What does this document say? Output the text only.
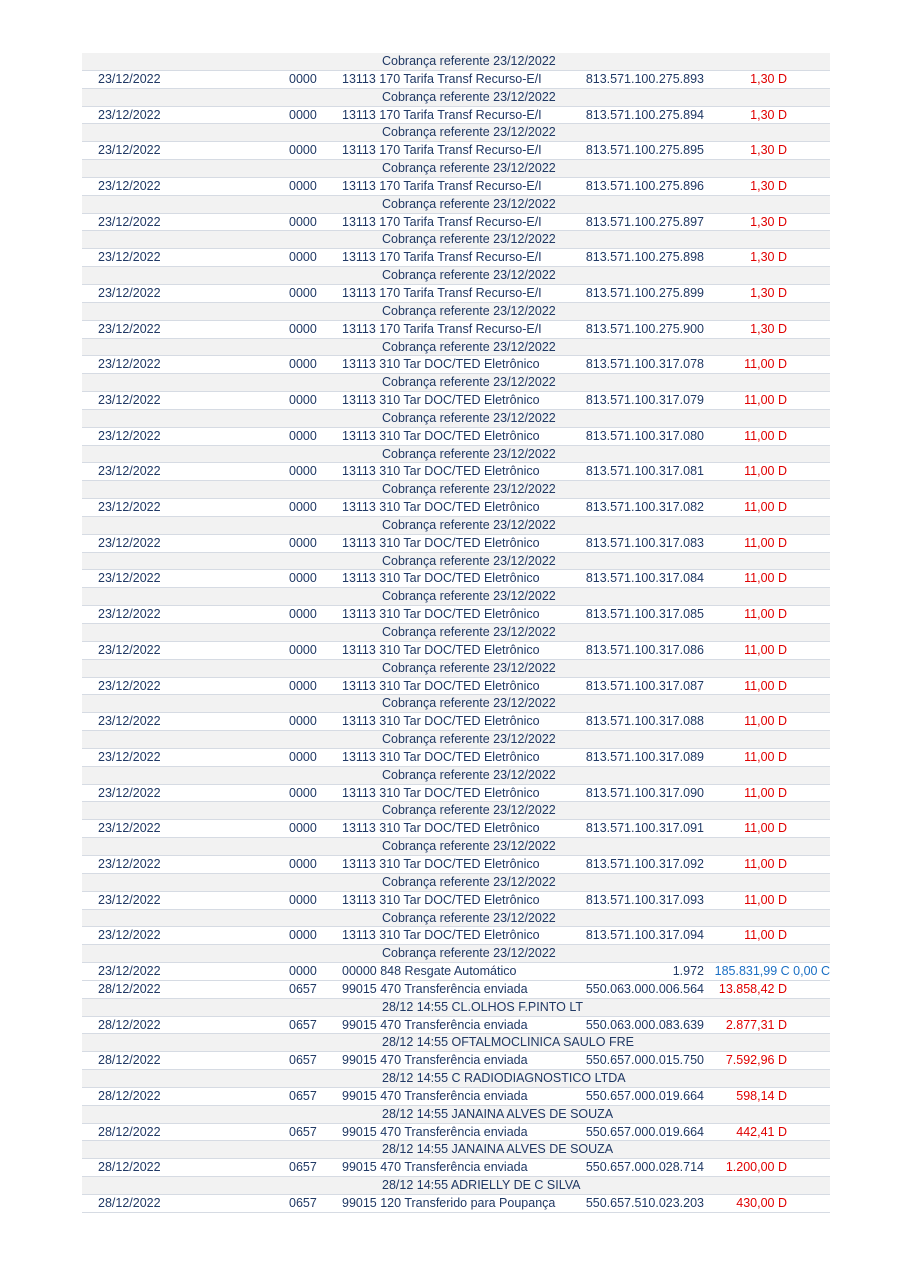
Cobrança referente 23/12/2022
23/12/2022	0000 13113 170 Tarifa Transf Recurso-E/I	813.571.100.275.893	1,30 D
Cobrança referente 23/12/2022
23/12/2022	0000 13113 170 Tarifa Transf Recurso-E/I	813.571.100.275.894	1,30 D
Cobrança referente 23/12/2022
23/12/2022	0000 13113 170 Tarifa Transf Recurso-E/I	813.571.100.275.895	1,30 D
Cobrança referente 23/12/2022
23/12/2022	0000 13113 170 Tarifa Transf Recurso-E/I	813.571.100.275.896	1,30 D
Cobrança referente 23/12/2022
23/12/2022	0000 13113 170 Tarifa Transf Recurso-E/I	813.571.100.275.897	1,30 D
Cobrança referente 23/12/2022
23/12/2022	0000 13113 170 Tarifa Transf Recurso-E/I	813.571.100.275.898	1,30 D
Cobrança referente 23/12/2022
23/12/2022	0000 13113 170 Tarifa Transf Recurso-E/I	813.571.100.275.899	1,30 D
Cobrança referente 23/12/2022
23/12/2022	0000 13113 170 Tarifa Transf Recurso-E/I	813.571.100.275.900	1,30 D
Cobrança referente 23/12/2022
23/12/2022	0000 13113 310 Tar DOC/TED Eletrônico	813.571.100.317.078	11,00 D
Cobrança referente 23/12/2022
23/12/2022	0000 13113 310 Tar DOC/TED Eletrônico	813.571.100.317.079	11,00 D
Cobrança referente 23/12/2022
23/12/2022	0000 13113 310 Tar DOC/TED Eletrônico	813.571.100.317.080	11,00 D
Cobrança referente 23/12/2022
23/12/2022	0000 13113 310 Tar DOC/TED Eletrônico	813.571.100.317.081	11,00 D
Cobrança referente 23/12/2022
23/12/2022	0000 13113 310 Tar DOC/TED Eletrônico	813.571.100.317.082	11,00 D
Cobrança referente 23/12/2022
23/12/2022	0000 13113 310 Tar DOC/TED Eletrônico	813.571.100.317.083	11,00 D
Cobrança referente 23/12/2022
23/12/2022	0000 13113 310 Tar DOC/TED Eletrônico	813.571.100.317.084	11,00 D
Cobrança referente 23/12/2022
23/12/2022	0000 13113 310 Tar DOC/TED Eletrônico	813.571.100.317.085	11,00 D
Cobrança referente 23/12/2022
23/12/2022	0000 13113 310 Tar DOC/TED Eletrônico	813.571.100.317.086	11,00 D
Cobrança referente 23/12/2022
23/12/2022	0000 13113 310 Tar DOC/TED Eletrônico	813.571.100.317.087	11,00 D
Cobrança referente 23/12/2022
23/12/2022	0000 13113 310 Tar DOC/TED Eletrônico	813.571.100.317.088	11,00 D
Cobrança referente 23/12/2022
23/12/2022	0000 13113 310 Tar DOC/TED Eletrônico	813.571.100.317.089	11,00 D
Cobrança referente 23/12/2022
23/12/2022	0000 13113 310 Tar DOC/TED Eletrônico	813.571.100.317.090	11,00 D
Cobrança referente 23/12/2022
23/12/2022	0000 13113 310 Tar DOC/TED Eletrônico	813.571.100.317.091	11,00 D
Cobrança referente 23/12/2022
23/12/2022	0000 13113 310 Tar DOC/TED Eletrônico	813.571.100.317.092	11,00 D
Cobrança referente 23/12/2022
23/12/2022	0000 13113 310 Tar DOC/TED Eletrônico	813.571.100.317.093	11,00 D
Cobrança referente 23/12/2022
23/12/2022	0000 13113 310 Tar DOC/TED Eletrônico	813.571.100.317.094	11,00 D
Cobrança referente 23/12/2022
23/12/2022	0000 00000 848 Resgate Automático	1.972 185.831,99 C 0,00 C
28/12/2022	0657 99015 470 Transferência enviada	550.063.000.006.564 13.858,42 D
28/12 14:55 CL.OLHOS F.PINTO LT
28/12/2022	0657 99015 470 Transferência enviada	550.063.000.083.639 2.877,31 D
28/12 14:55 OFTALMOCLINICA SAULO FRE
28/12/2022	0657 99015 470 Transferência enviada	550.657.000.015.750 7.592,96 D
28/12 14:55 C RADIODIAGNOSTICO LTDA
28/12/2022	0657 99015 470 Transferência enviada	550.657.000.019.664	598,14 D
28/12 14:55 JANAINA ALVES DE SOUZA
28/12/2022	0657 99015 470 Transferência enviada	550.657.000.019.664	442,41 D
28/12 14:55 JANAINA ALVES DE SOUZA
28/12/2022	0657 99015 470 Transferência enviada	550.657.000.028.714 1.200,00 D
28/12 14:55 ADRIELLY DE C SILVA
28/12/2022	0657 99015 120 Transferido para Poupança 550.657.510.023.203	430,00 D
